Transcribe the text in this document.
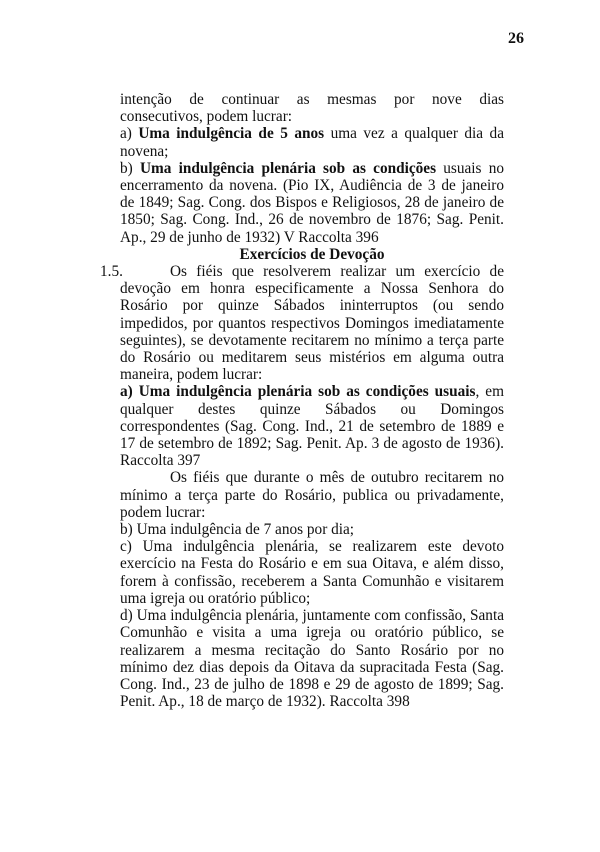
26

intenção de continuar as mesmas por nove dias

consecutivos, podem lucrar:

a) Uma indulgência de 5 anos uma vez a qualquer dia da novena;

b) Uma indulgência plenária sob as condições usuais no encerramento da novena. (Pio IX, Audiência de 3 de janeiro de 1849; Sag. Cong. dos Bispos e Religiosos, 28 de janeiro de 1850; Sag. Cong. Ind., 26 de novembro de 1876; Sag. Penit. Ap., 29 de junho de 1932) V Raccolta 396

Exercícios de Devoção

1.5.	Os fiéis que resolverem realizar um exercício de devoção em honra especificamente a Nossa Senhora do Rosário por quinze Sábados ininterruptos (ou sendo impedidos, por quantos respectivos Domingos imediatamente seguintes), se devotamente recitarem no mínimo a terça parte do Rosário ou meditarem seus mistérios em alguma outra maneira, podem lucrar:

a) Uma indulgência plenária sob as condições usuais, em qualquer destes quinze Sábados ou Domingos correspondentes (Sag. Cong. Ind., 21 de setembro de 1889 e 17 de setembro de 1892; Sag. Penit. Ap. 3 de agosto de 1936). Raccolta 397

Os fiéis que durante o mês de outubro recitarem no mínimo a terça parte do Rosário, publica ou privadamente, podem lucrar:

b) Uma indulgência de 7 anos por dia;

c) Uma indulgência plenária, se realizarem este devoto exercício na Festa do Rosário e em sua Oitava, e além disso, forem à confissão, receberem a Santa Comunhão e visitarem uma igreja ou oratório público;

d) Uma indulgência plenária, juntamente com confissão, Santa Comunhão e visita a uma igreja ou oratório público, se realizarem a mesma recitação do Santo Rosário por no mínimo dez dias depois da Oitava da supracitada Festa (Sag. Cong. Ind., 23 de julho de 1898 e 29 de agosto de 1899; Sag. Penit. Ap., 18 de março de 1932). Raccolta 398
